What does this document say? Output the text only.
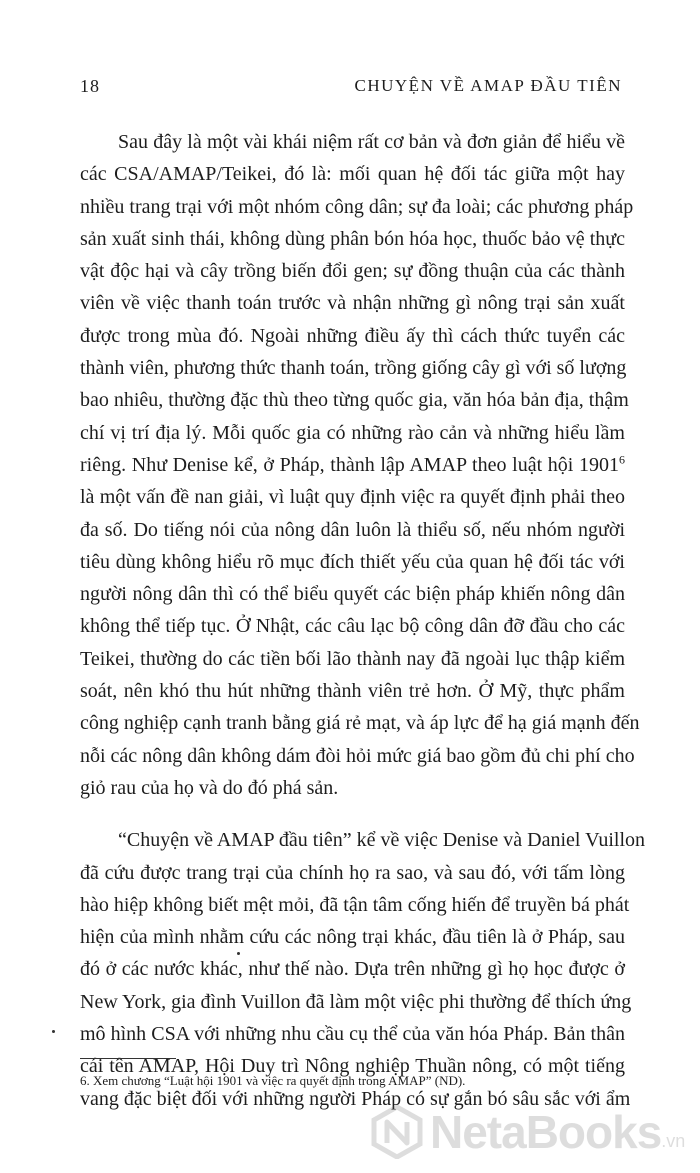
18	CHUYỆN VỀ AMAP ĐẦU TIÊN
Sau đây là một vài khái niệm rất cơ bản và đơn giản để hiểu về
các CSA/AMAP/Teikei, đó là: mối quan hệ đối tác giữa một hay
nhiều trang trại với một nhóm công dân; sự đa loài; các phương pháp
sản xuất sinh thái, không dùng phân bón hóa học, thuốc bảo vệ thực
vật độc hại và cây trồng biến đổi gen; sự đồng thuận của các thành
viên về việc thanh toán trước và nhận những gì nông trại sản xuất
được trong mùa đó. Ngoài những điều ấy thì cách thức tuyển các
thành viên, phương thức thanh toán, trồng giống cây gì với số lượng
bao nhiêu, thường đặc thù theo từng quốc gia, văn hóa bản địa, thậm
chí vị trí địa lý. Mỗi quốc gia có những rào cản và những hiểu lầm
riêng. Như Denise kể, ở Pháp, thành lập AMAP theo luật hội 1901$^6$
là một vấn đề nan giải, vì luật quy định việc ra quyết định phải theo
đa số. Do tiếng nói của nông dân luôn là thiểu số, nếu nhóm người
tiêu dùng không hiểu rõ mục đích thiết yếu của quan hệ đối tác với
người nông dân thì có thể biểu quyết các biện pháp khiến nông dân
không thể tiếp tục. Ở Nhật, các câu lạc bộ công dân đỡ đầu cho các
Teikei, thường do các tiền bối lão thành nay đã ngoài lục thập kiểm
soát, nên khó thu hút những thành viên trẻ hơn. Ở Mỹ, thực phẩm
công nghiệp cạnh tranh bằng giá rẻ mạt, và áp lực để hạ giá mạnh đến
nỗi các nông dân không dám đòi hỏi mức giá bao gồm đủ chi phí cho
giỏ rau của họ và do đó phá sản.
“Chuyện về AMAP đầu tiên” kể về việc Denise và Daniel Vuillon
đã cứu được trang trại của chính họ ra sao, và sau đó, với tấm lòng
hào hiệp không biết mệt mỏi, đã tận tâm cống hiến để truyền bá phát
hiện của mình nhằm cứu các nông trại khác, đầu tiên là ở Pháp, sau
đó ở các nước khác, như thế nào. Dựa trên những gì họ học được ở
New York, gia đình Vuillon đã làm một việc phi thường để thích ứng
mô hình CSA với những nhu cầu cụ thể của văn hóa Pháp. Bản thân
cái tên AMAP, Hội Duy trì Nông nghiệp Thuần nông, có một tiếng
vang đặc biệt đối với những người Pháp có sự gắn bó sâu sắc với ẩm
6. Xem chương “Luật hội 1901 và việc ra quyết định trong AMAP” (ND).
NetaBooks .vn
